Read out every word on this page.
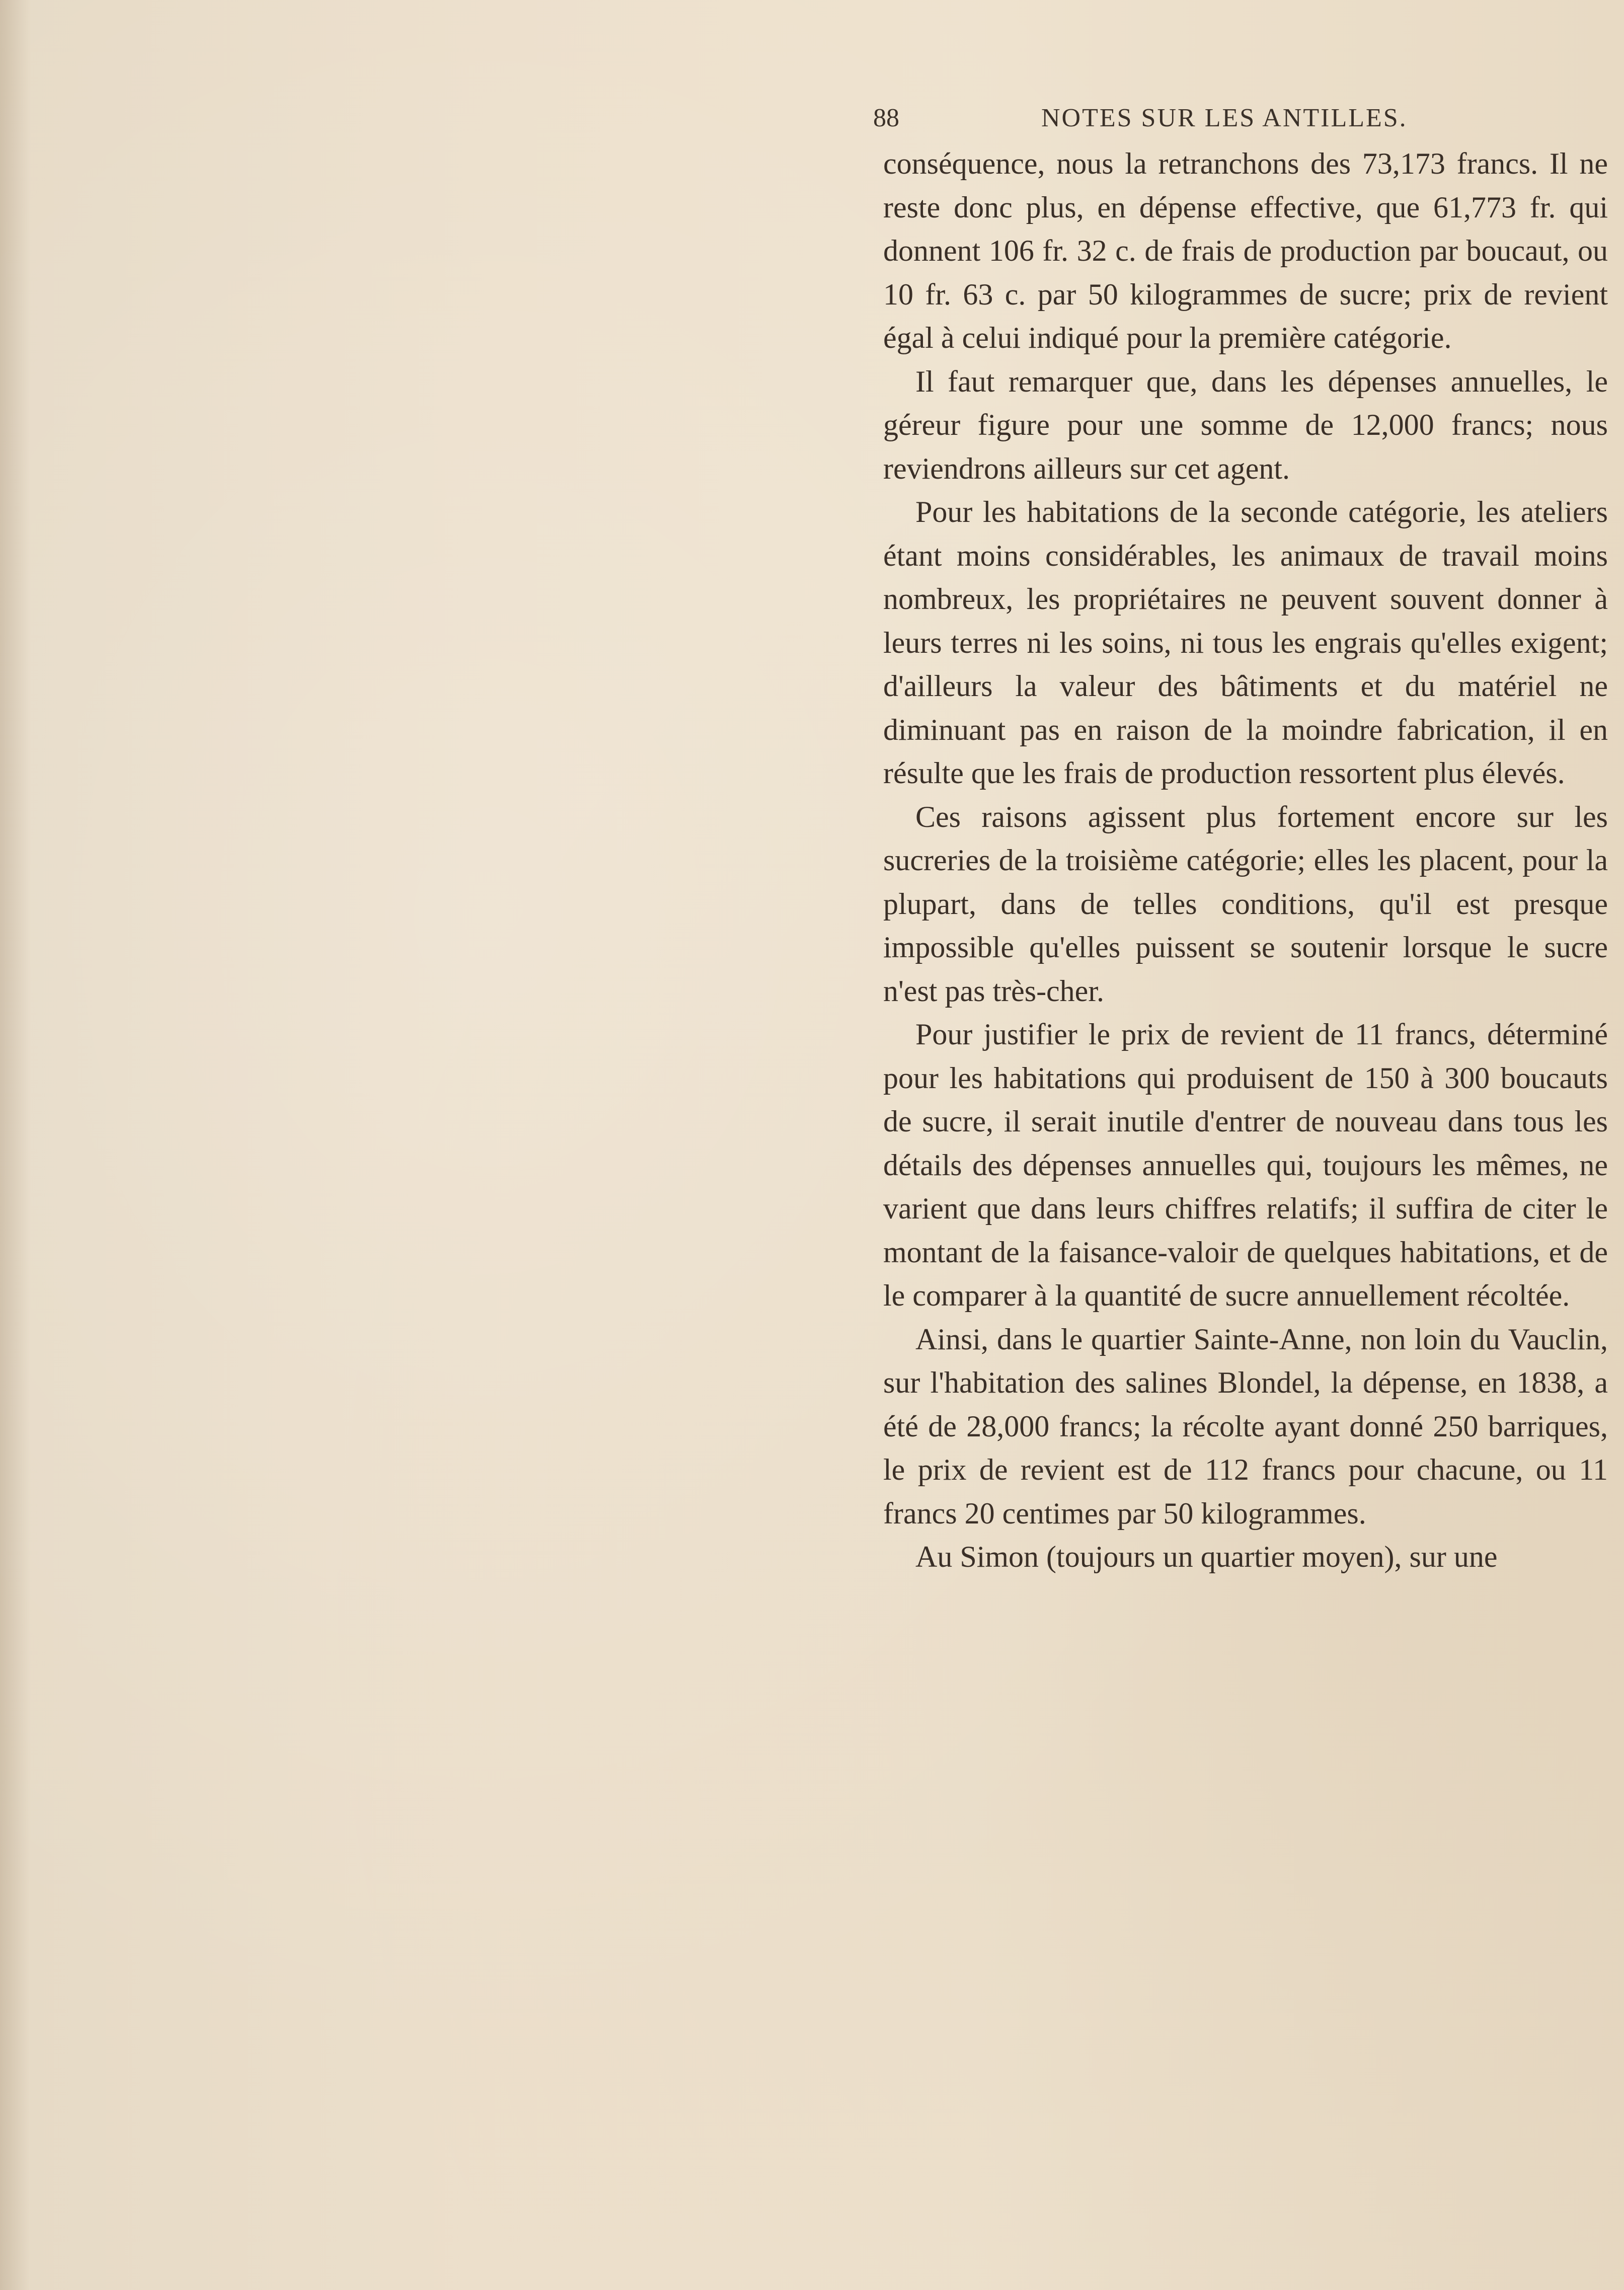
88	NOTES SUR LES ANTILLES.

conséquence, nous la retranchons des 73,173 francs. Il ne reste donc plus, en dépense effective, que 61,773 fr. qui donnent 106 fr. 32 c. de frais de production par boucaut, ou 10 fr. 63 c. par 50 kilogrammes de sucre; prix de revient égal à celui indiqué pour la première catégorie.

Il faut remarquer que, dans les dépenses annuelles, le géreur figure pour une somme de 12,000 francs; nous reviendrons ailleurs sur cet agent.

Pour les habitations de la seconde catégorie, les ateliers étant moins considérables, les animaux de travail moins nombreux, les propriétaires ne peuvent souvent donner à leurs terres ni les soins, ni tous les engrais qu'elles exigent; d'ailleurs la valeur des bâtiments et du matériel ne diminuant pas en raison de la moindre fabrication, il en résulte que les frais de production ressortent plus élevés.

Ces raisons agissent plus fortement encore sur les sucreries de la troisième catégorie; elles les placent, pour la plupart, dans de telles conditions, qu'il est presque impossible qu'elles puissent se soutenir lorsque le sucre n'est pas très-cher.

Pour justifier le prix de revient de 11 francs, déterminé pour les habitations qui produisent de 150 à 300 boucauts de sucre, il serait inutile d'entrer de nouveau dans tous les détails des dépenses annuelles qui, toujours les mêmes, ne varient que dans leurs chiffres relatifs; il suffira de citer le montant de la faisance-valoir de quelques habitations, et de le comparer à la quantité de sucre annuellement récoltée.

Ainsi, dans le quartier Sainte-Anne, non loin du Vauclin, sur l'habitation des salines Blondel, la dépense, en 1838, a été de 28,000 francs; la récolte ayant donné 250 barriques, le prix de revient est de 112 francs pour chacune, ou 11 francs 20 centimes par 50 kilogrammes.

Au Simon (toujours un quartier moyen), sur une
